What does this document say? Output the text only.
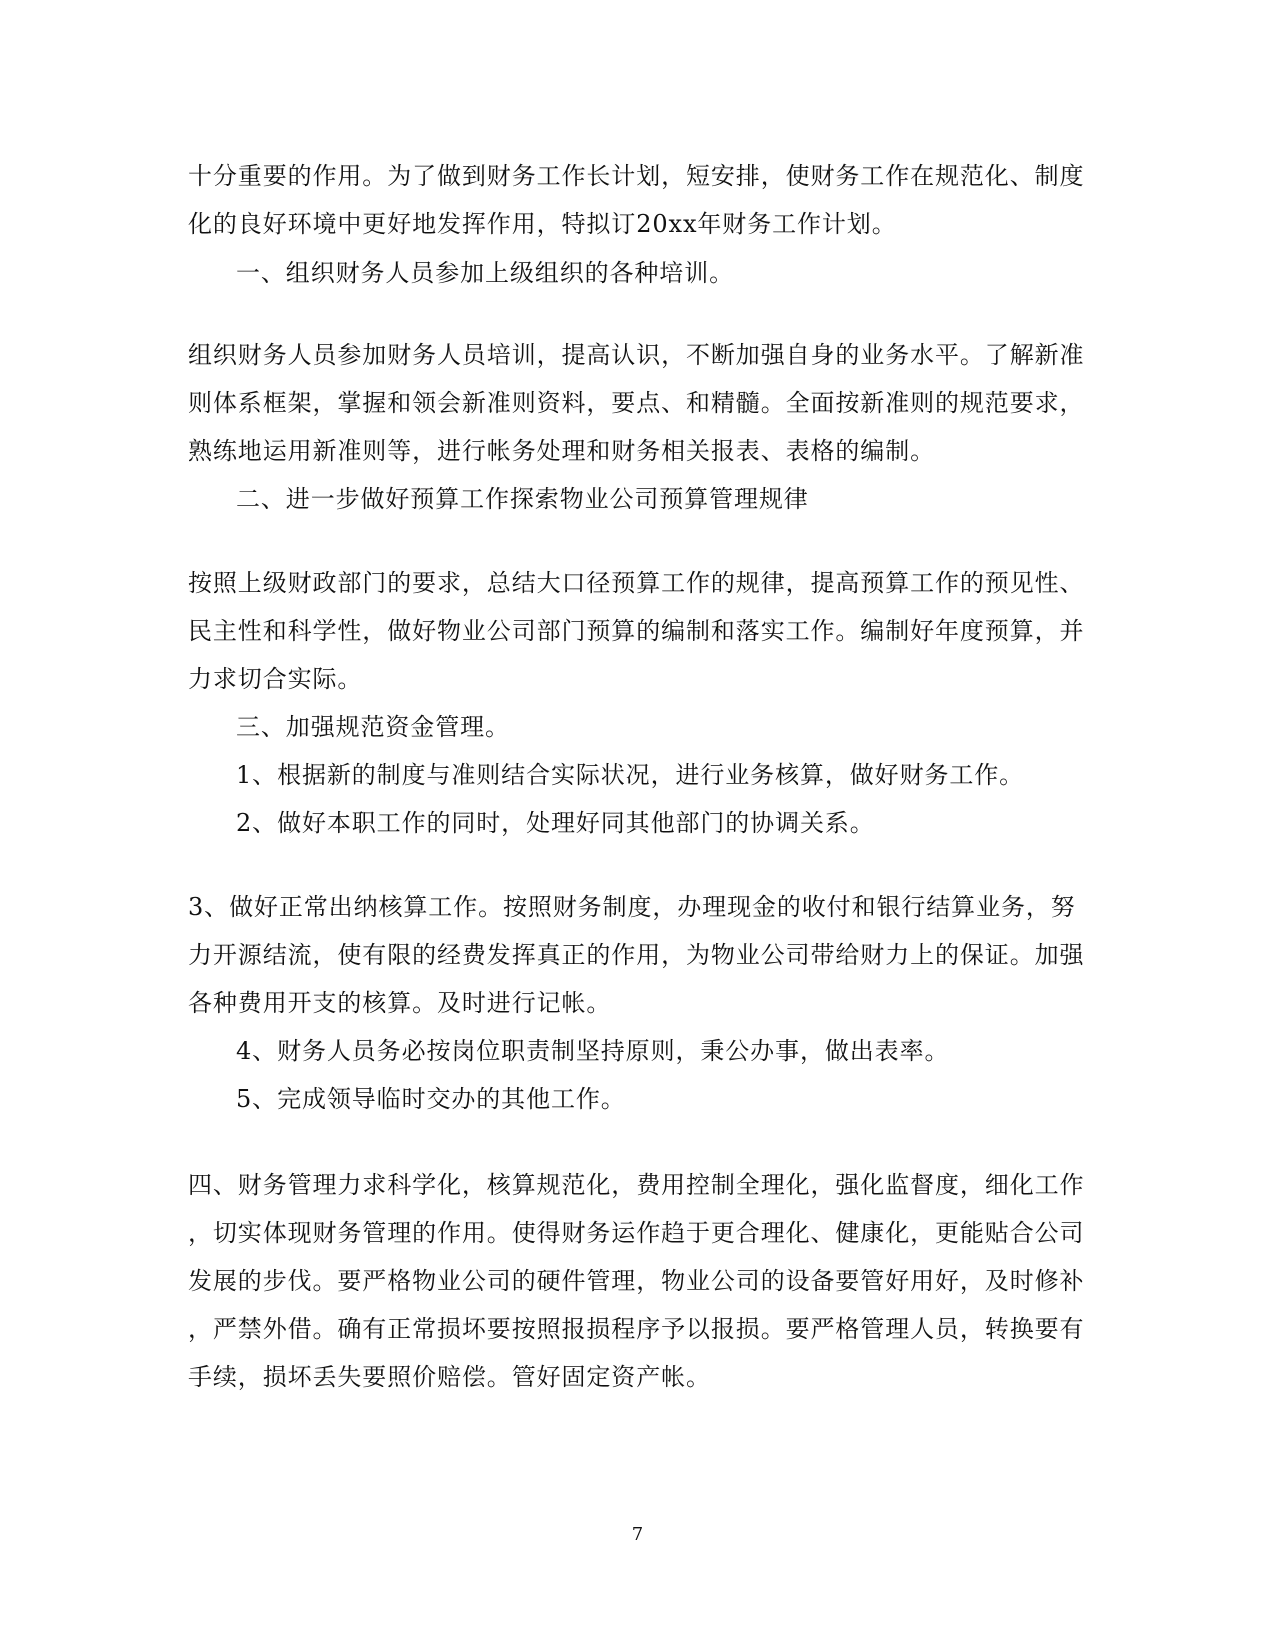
十分重要的作用。为了做到财务工作长计划，短安排，使财务工作在规范化、制度
化的良好环境中更好地发挥作用，特拟订20xx年财务工作计划。
一、组织财务人员参加上级组织的各种培训。
组织财务人员参加财务人员培训，提高认识，不断加强自身的业务水平。了解新准
则体系框架，掌握和领会新准则资料，要点、和精髓。全面按新准则的规范要求，
熟练地运用新准则等，进行帐务处理和财务相关报表、表格的编制。
二、进一步做好预算工作探索物业公司预算管理规律
按照上级财政部门的要求，总结大口径预算工作的规律，提高预算工作的预见性、
民主性和科学性，做好物业公司部门预算的编制和落实工作。编制好年度预算，并
力求切合实际。
三、加强规范资金管理。
1、根据新的制度与准则结合实际状况，进行业务核算，做好财务工作。
2、做好本职工作的同时，处理好同其他部门的协调关系。
3、做好正常出纳核算工作。按照财务制度，办理现金的收付和银行结算业务，努
力开源结流，使有限的经费发挥真正的作用，为物业公司带给财力上的保证。加强
各种费用开支的核算。及时进行记帐。
4、财务人员务必按岗位职责制坚持原则，秉公办事，做出表率。
5、完成领导临时交办的其他工作。
四、财务管理力求科学化，核算规范化，费用控制全理化，强化监督度，细化工作
，切实体现财务管理的作用。使得财务运作趋于更合理化、健康化，更能贴合公司
发展的步伐。要严格物业公司的硬件管理，物业公司的设备要管好用好，及时修补
，严禁外借。确有正常损坏要按照报损程序予以报损。要严格管理人员，转换要有
手续，损坏丢失要照价赔偿。管好固定资产帐。
7
